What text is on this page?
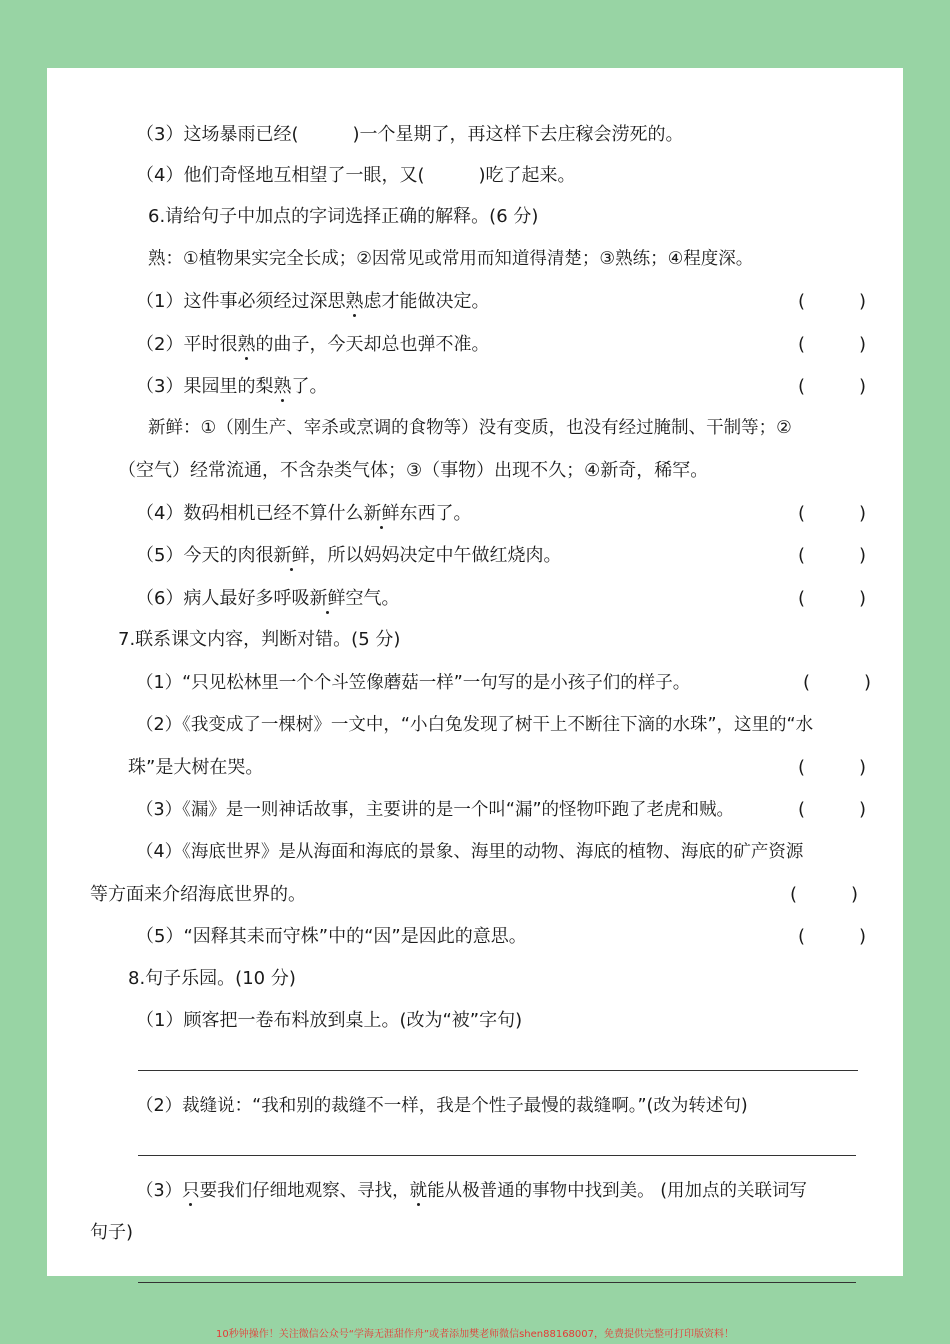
（3）这场暴雨已经(　　　)一个星期了，再这样下去庄稼会涝死的。
（4）他们奇怪地互相望了一眼，又(　　　)吃了起来。
6.请给句子中加点的字词选择正确的解释。(6 分)
熟：①植物果实完全长成；②因常见或常用而知道得清楚；③熟练；④程度深。
（1）这件事必须经过深思熟虑才能做决定。	(　　　)
（2）平时很熟的曲子，今天却总也弹不准。	(　　　)
（3）果园里的梨熟了。	(　　　)
新鲜：①（刚生产、宰杀或烹调的食物等）没有变质，也没有经过腌制、干制等；②
（空气）经常流通，不含杂类气体；③（事物）出现不久；④新奇，稀罕。
（4）数码相机已经不算什么新鲜东西了。	(　　　)
（5）今天的肉很新鲜，所以妈妈决定中午做红烧肉。	(　　　)
（6）病人最好多呼吸新鲜空气。	(　　　)
7.联系课文内容，判断对错。(5 分)
（1）“只见松林里一个个斗笠像蘑菇一样”一句写的是小孩子们的样子。	(　　　)
（2）《我变成了一棵树》一文中，“小白兔发现了树干上不断往下滴的水珠”，这里的“水
珠”是大树在哭。	(　　　)
（3）《漏》是一则神话故事，主要讲的是一个叫“漏”的怪物吓跑了老虎和贼。	(　　　)
（4）《海底世界》是从海面和海底的景象、海里的动物、海底的植物、海底的矿产资源
等方面来介绍海底世界的。	(　　　)
（5）“因释其耒而守株”中的“因”是因此的意思。	(　　　)
8.句子乐园。(10 分)
（1）顾客把一卷布料放到桌上。(改为“被”字句)
（2）裁缝说：“我和别的裁缝不一样，我是个性子最慢的裁缝啊。”(改为转述句)
（3）只要我们仔细地观察、寻找，就能从极普通的事物中找到美。 (用加点的关联词写
句子)
10秒钟操作！关注微信公众号“学海无涯甜作舟”或者添加樊老师微信shen88168007，免费提供完整可打印版资料！
